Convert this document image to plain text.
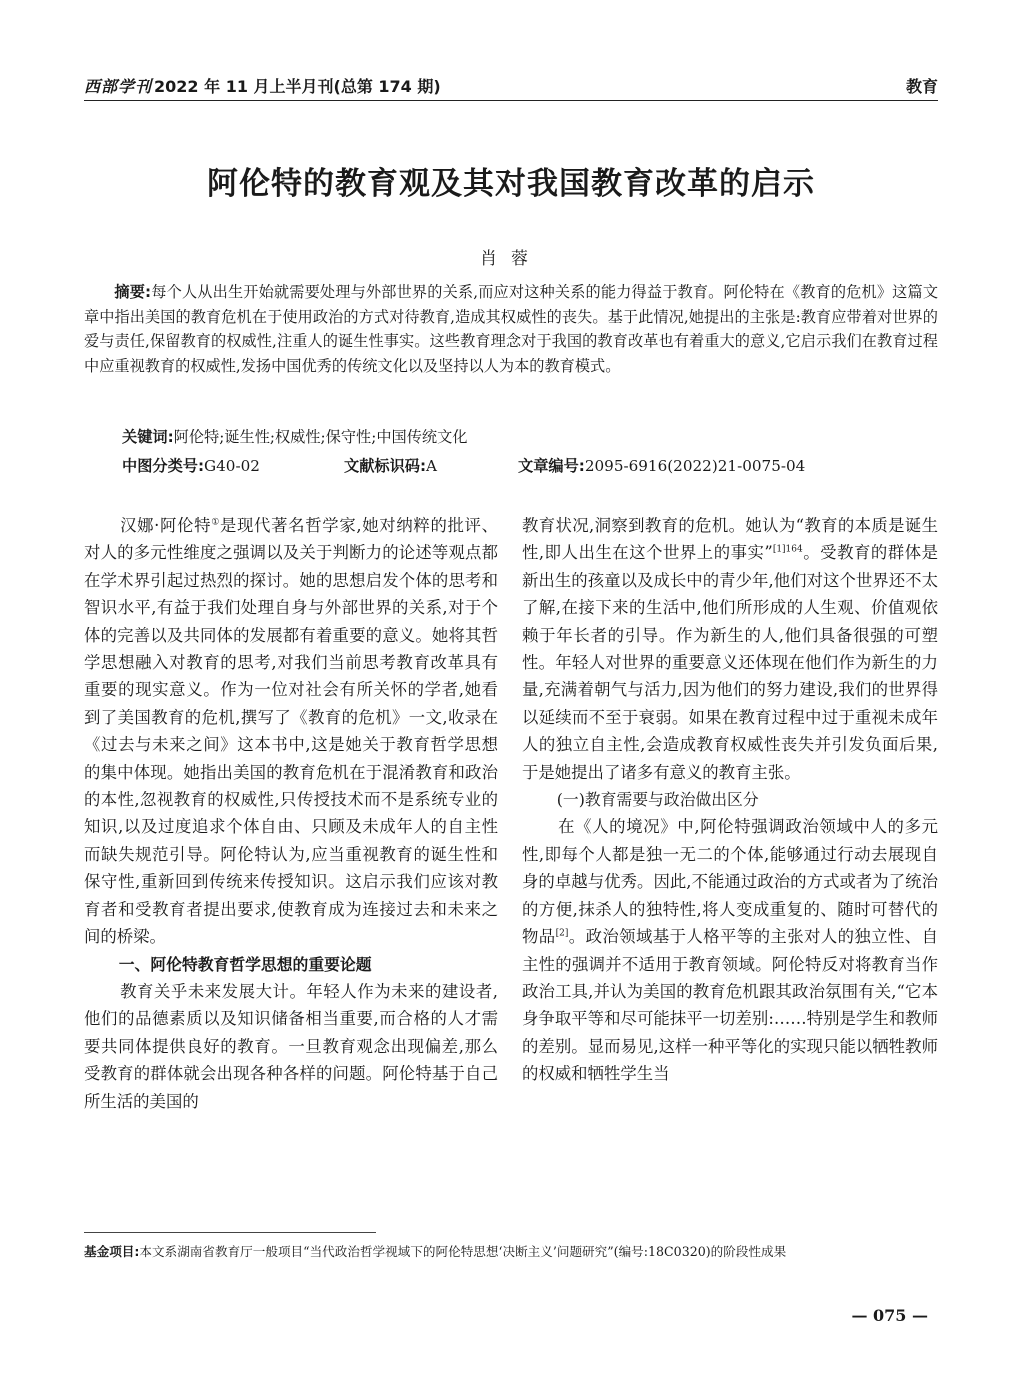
西部学刊 2022 年 11 月上半月刊(总第 174 期)	教育
阿伦特的教育观及其对我国教育改革的启示
肖蓉

摘要:每个人从出生开始就需要处理与外部世界的关系,而应对这种关系的能力得益于教育。阿伦特在《教育的危机》这篇文章中指出美国的教育危机在于使用政治的方式对待教育,造成其权威性的丧失。基于此情况,她提出的主张是:教育应带着对世界的爱与责任,保留教育的权威性,注重人的诞生性事实。这些教育理念对于我国的教育改革也有着重大的意义,它启示我们在教育过程中应重视教育的权威性,发扬中国优秀的传统文化以及坚持以人为本的教育模式。

关键词:阿伦特;诞生性;权威性;保守性;中国传统文化
中图分类号:G40-02	文献标识码:A	文章编号:2095-6916(2022)21-0075-04

汉娜·阿伦特①是现代著名哲学家,她对纳粹的批评、对人的多元性维度之强调以及关于判断力的论述等观点都在学术界引起过热烈的探讨。她的思想启发个体的思考和智识水平,有益于我们处理自身与外部世界的关系,对于个体的完善以及共同体的发展都有着重要的意义。她将其哲学思想融入对教育的思考,对我们当前思考教育改革具有重要的现实意义。作为一位对社会有所关怀的学者,她看到了美国教育的危机,撰写了《教育的危机》一文,收录在《过去与未来之间》这本书中,这是她关于教育哲学思想的集中体现。她指出美国的教育危机在于混淆教育和政治的本性,忽视教育的权威性,只传授技术而不是系统专业的知识,以及过度追求个体自由、只顾及未成年人的自主性而缺失规范引导。阿伦特认为,应当重视教育的诞生性和保守性,重新回到传统来传授知识。这启示我们应该对教育者和受教育者提出要求,使教育成为连接过去和未来之间的桥梁。

一、阿伦特教育哲学思想的重要论题

教育关乎未来发展大计。年轻人作为未来的建设者,他们的品德素质以及知识储备相当重要,而合格的人才需要共同体提供良好的教育。一旦教育观念出现偏差,那么受教育的群体就会出现各种各样的问题。阿伦特基于自己所生活的美国的

教育状况,洞察到教育的危机。她认为“教育的本质是诞生性,即人出生在这个世界上的事实”$^{[1]164}$。受教育的群体是新出生的孩童以及成长中的青少年,他们对这个世界还不太了解,在接下来的生活中,他们所形成的人生观、价值观依赖于年长者的引导。作为新生的人,他们具备很强的可塑性。年轻人对世界的重要意义还体现在他们作为新生的力量,充满着朝气与活力,因为他们的努力建设,我们的世界得以延续而不至于衰弱。如果在教育过程中过于重视未成年人的独立自主性,会造成教育权威性丧失并引发负面后果,于是她提出了诸多有意义的教育主张。

(一)教育需要与政治做出区分

在《人的境况》中,阿伦特强调政治领域中人的多元性,即每个人都是独一无二的个体,能够通过行动去展现自身的卓越与优秀。因此,不能通过政治的方式或者为了统治的方便,抹杀人的独特性,将人变成重复的、随时可替代的物品[2]。政治领域基于人格平等的主张对人的独立性、自主性的强调并不适用于教育领域。阿伦特反对将教育当作政治工具,并认为美国的教育危机跟其政治氛围有关,“它本身争取平等和尽可能抹平一切差别:……特别是学生和教师的差别。显而易见,这样一种平等化的实现只能以牺牲教师的权威和牺牲学生当

基金项目:本文系湖南省教育厅一般项目“当代政治哲学视域下的阿伦特思想‘决断主义’问题研究”(编号:18C0320)的阶段性成果
— 075 —
